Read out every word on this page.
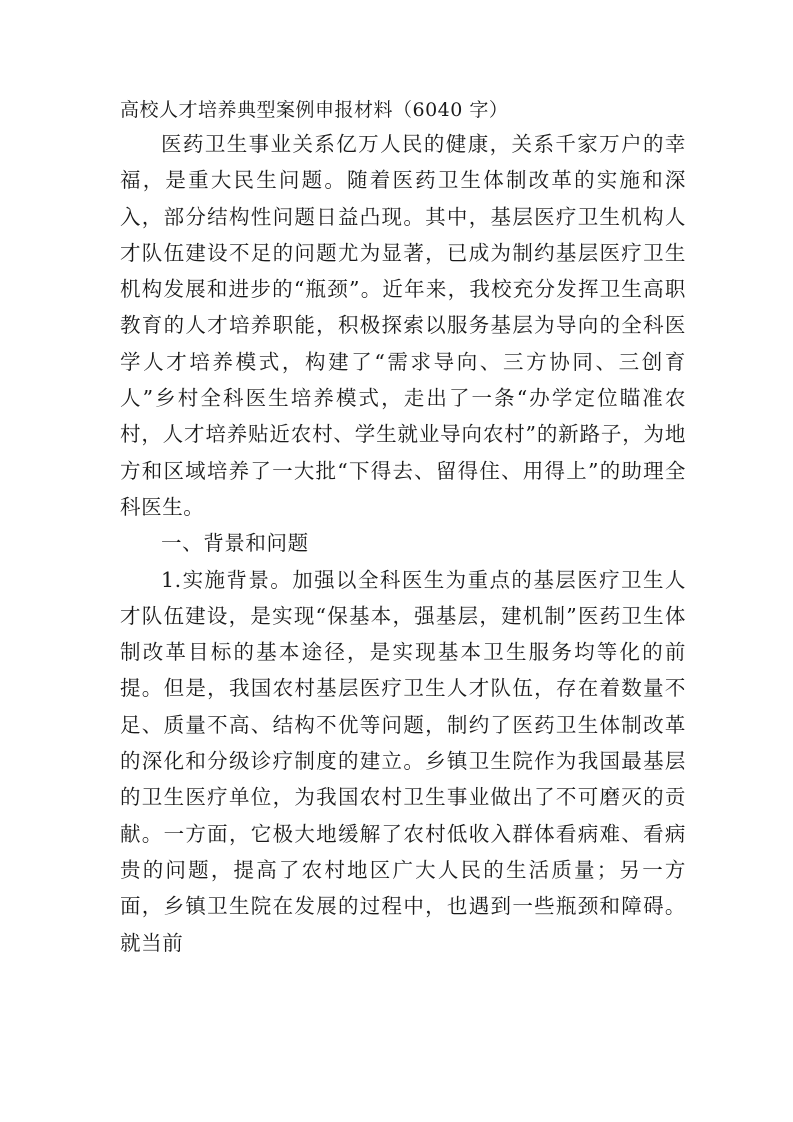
高校人才培养典型案例申报材料（6040 字）

医药卫生事业关系亿万人民的健康，关系千家万户的幸福，是重大民生问题。随着医药卫生体制改革的实施和深入，部分结构性问题日益凸现。其中，基层医疗卫生机构人才队伍建设不足的问题尤为显著，已成为制约基层医疗卫生机构发展和进步的“瓶颈”。近年来，我校充分发挥卫生高职教育的人才培养职能，积极探索以服务基层为导向的全科医学人才培养模式，构建了“需求导向、三方协同、三创育人”乡村全科医生培养模式，走出了一条“办学定位瞄准农村，人才培养贴近农村、学生就业导向农村”的新路子，为地方和区域培养了一大批“下得去、留得住、用得上”的助理全科医生。

一、背景和问题

1.实施背景。加强以全科医生为重点的基层医疗卫生人才队伍建设，是实现“保基本，强基层，建机制”医药卫生体制改革目标的基本途径，是实现基本卫生服务均等化的前提。但是，我国农村基层医疗卫生人才队伍，存在着数量不足、质量不高、结构不优等问题，制约了医药卫生体制改革的深化和分级诊疗制度的建立。乡镇卫生院作为我国最基层的卫生医疗单位，为我国农村卫生事业做出了不可磨灭的贡献。一方面，它极大地缓解了农村低收入群体看病难、看病贵的问题，提高了农村地区广大人民的生活质量；另一方面，乡镇卫生院在发展的过程中，也遇到一些瓶颈和障碍。就当前
